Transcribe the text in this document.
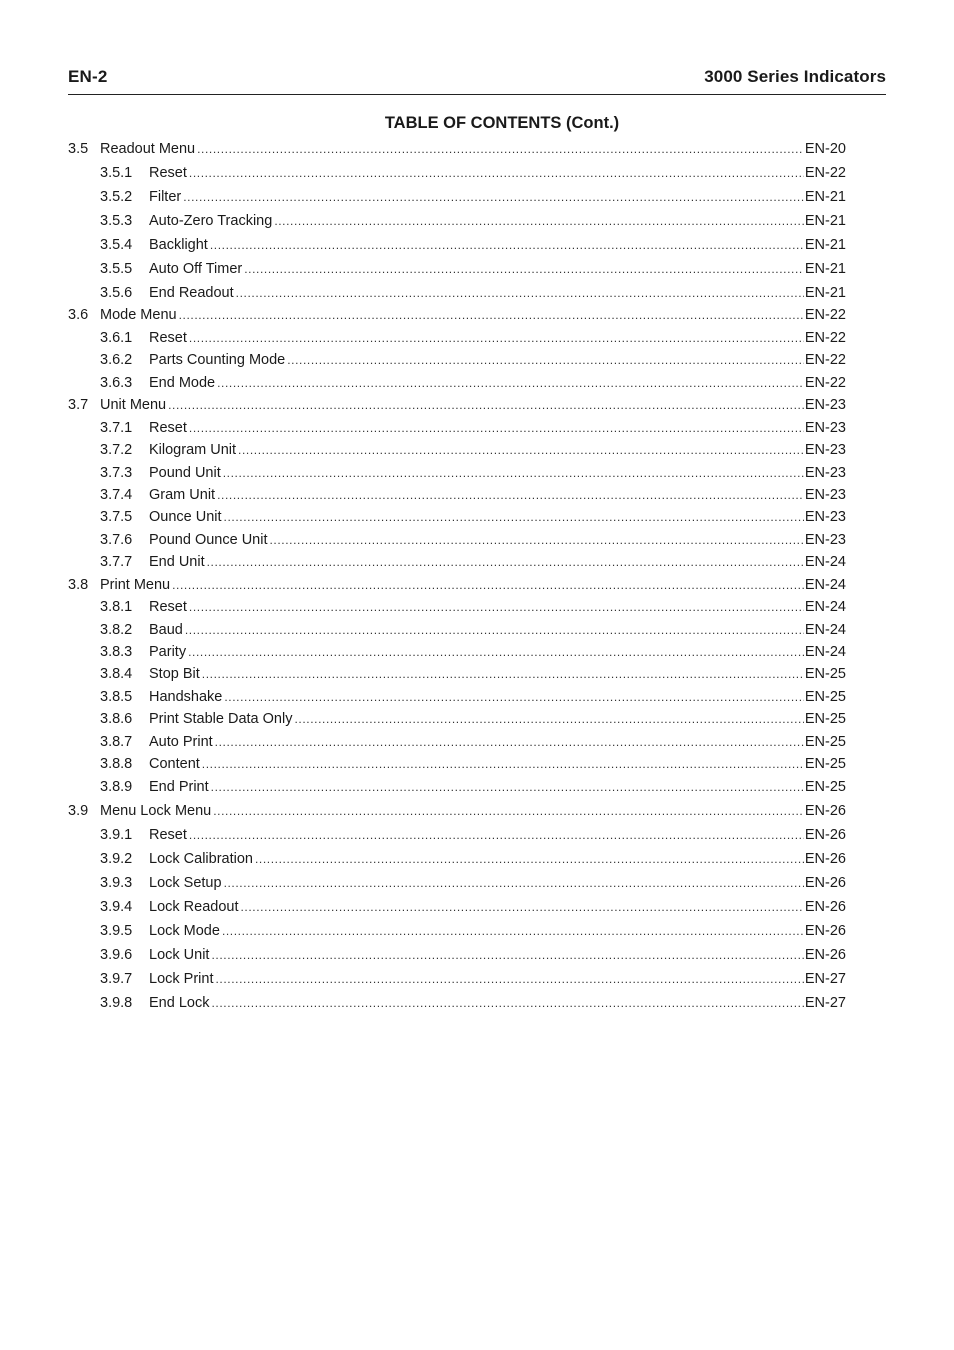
EN-2	3000 Series Indicators
TABLE OF CONTENTS (Cont.)
3.5 Readout Menu .....	EN-20
3.5.1	Reset .....	EN-22
3.5.2	Filter .....	EN-21
3.5.3	Auto-Zero Tracking .....	EN-21
3.5.4	Backlight .....	EN-21
3.5.5	Auto Off Timer .....	EN-21
3.5.6	End Readout .....	EN-21
3.6 Mode Menu .....	EN-22
3.6.1	Reset .....	EN-22
3.6.2	Parts Counting Mode .....	EN-22
3.6.3	End Mode .....	EN-22
3.7 Unit Menu .....	EN-23
3.7.1	Reset .....	EN-23
3.7.2	Kilogram Unit .....	EN-23
3.7.3	Pound Unit .....	EN-23
3.7.4	Gram Unit .....	EN-23
3.7.5	Ounce Unit .....	EN-23
3.7.6	Pound Ounce Unit .....	EN-23
3.7.7	End Unit .....	EN-24
3.8 Print Menu .....	EN-24
3.8.1	Reset .....	EN-24
3.8.2	Baud .....	EN-24
3.8.3	Parity .....	EN-24
3.8.4	Stop Bit .....	EN-25
3.8.5	Handshake .....	EN-25
3.8.6	Print Stable Data Only .....	EN-25
3.8.7	Auto Print .....	EN-25
3.8.8	Content .....	EN-25
3.8.9	End Print .....	EN-25
3.9 Menu Lock Menu .....	EN-26
3.9.1	Reset .....	EN-26
3.9.2	Lock Calibration .....	EN-26
3.9.3	Lock Setup .....	EN-26
3.9.4	Lock Readout .....	EN-26
3.9.5	Lock Mode .....	EN-26
3.9.6	Lock Unit .....	EN-26
3.9.7	Lock Print .....	EN-27
3.9.8	End Lock .....	EN-27
